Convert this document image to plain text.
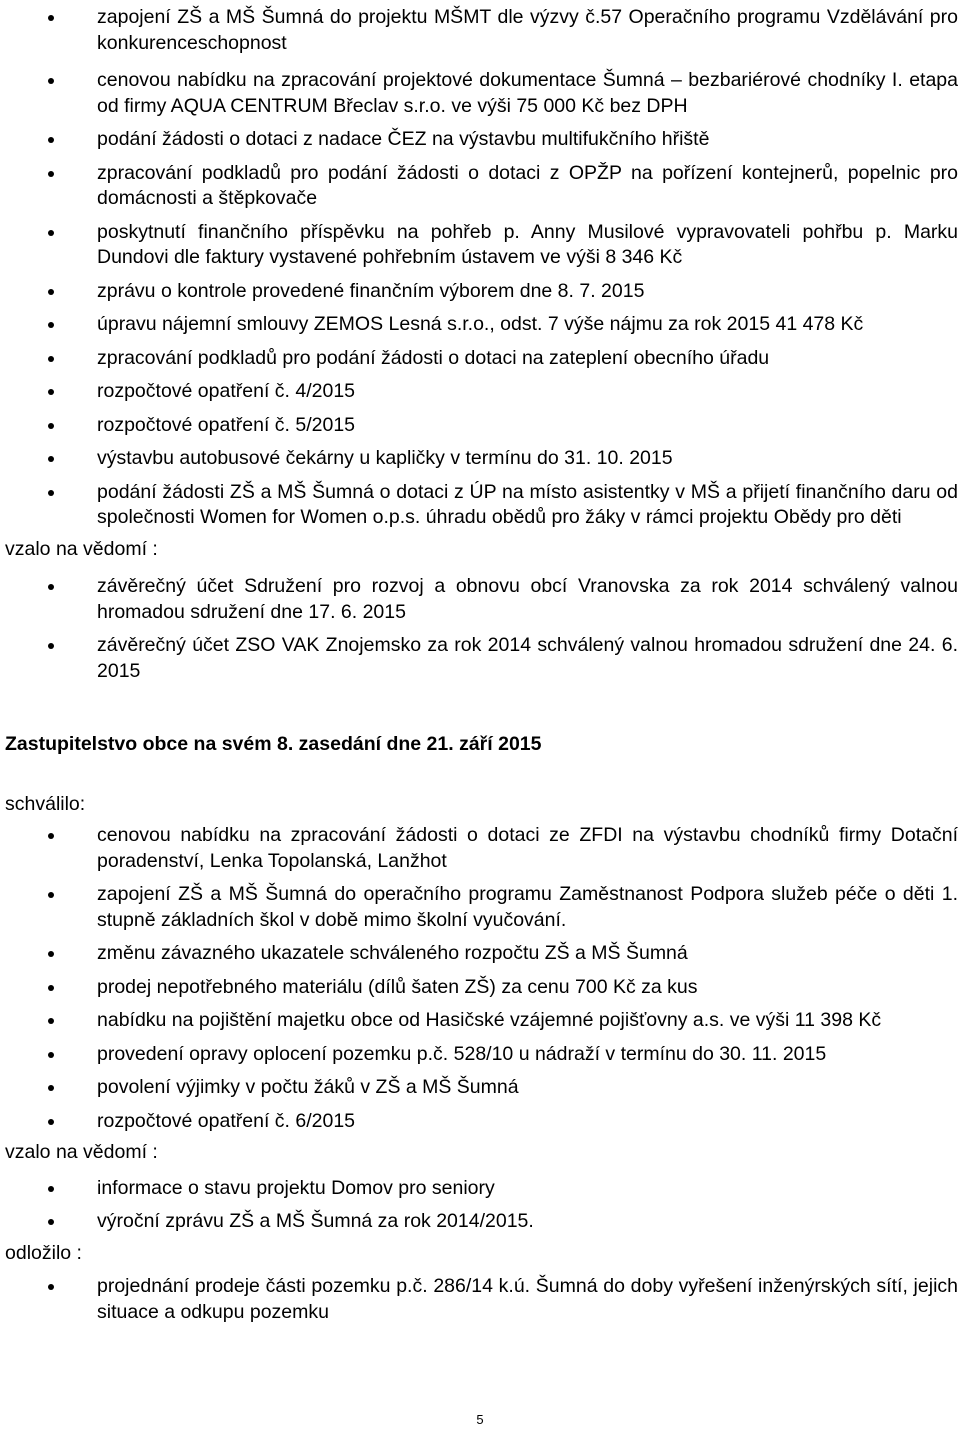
zapojení ZŠ a MŠ Šumná do projektu MŠMT dle výzvy č.57 Operačního programu Vzdělávání pro konkurenceschopnost
cenovou nabídku na zpracování projektové dokumentace Šumná – bezbariérové chodníky I. etapa od firmy AQUA CENTRUM Břeclav s.r.o. ve výši 75 000 Kč bez DPH
podání žádosti o dotaci z nadace ČEZ na výstavbu multifukčního hřiště
zpracování podkladů pro podání žádosti o dotaci z OPŽP na pořízení kontejnerů, popelnic pro domácnosti a štěpkovače
poskytnutí finančního příspěvku na pohřeb p. Anny Musilové vypravovateli pohřbu p. Marku Dundovi dle faktury vystavené pohřebním ústavem ve výši 8 346 Kč
zprávu o kontrole provedené finančním výborem dne 8. 7. 2015
úpravu nájemní smlouvy ZEMOS Lesná s.r.o., odst. 7 výše nájmu za rok 2015 41 478 Kč
zpracování podkladů pro podání žádosti o dotaci na zateplení obecního úřadu
rozpočtové opatření č. 4/2015
rozpočtové opatření č. 5/2015
výstavbu autobusové čekárny u kapličky v termínu do 31. 10. 2015
podání žádosti ZŠ a MŠ Šumná o dotaci z ÚP na místo asistentky v MŠ a přijetí finančního daru od společnosti Women for Women o.p.s. úhradu obědů pro žáky v rámci projektu Obědy pro děti

vzalo na vědomí :

závěrečný účet Sdružení pro rozvoj a obnovu obcí Vranovska za rok 2014 schválený valnou hromadou sdružení dne 17. 6. 2015
závěrečný účet ZSO VAK Znojemsko za rok 2014 schválený valnou hromadou sdružení dne 24. 6. 2015

Zastupitelstvo obce na svém 8. zasedání dne 21. září 2015

schválilo:

cenovou nabídku na zpracování žádosti o dotaci ze ZFDI na výstavbu chodníků firmy Dotační poradenství, Lenka Topolanská, Lanžhot
zapojení ZŠ a MŠ Šumná do operačního programu Zaměstnanost Podpora služeb péče o děti 1. stupně základních škol v době mimo školní vyučování.
změnu závazného ukazatele schváleného rozpočtu ZŠ a MŠ Šumná
prodej nepotřebného materiálu (dílů šaten ZŠ) za cenu 700 Kč za kus
nabídku na pojištění majetku obce od Hasičské vzájemné pojišťovny a.s. ve výši 11 398 Kč
provedení opravy oplocení pozemku p.č. 528/10 u nádraží v termínu do 30. 11. 2015
povolení výjimky v počtu žáků v ZŠ a MŠ Šumná
rozpočtové opatření č. 6/2015

vzalo na vědomí :

informace o stavu projektu Domov pro seniory
výroční zprávu ZŠ a MŠ Šumná za rok 2014/2015.

odložilo :

projednání prodeje části pozemku p.č. 286/14 k.ú. Šumná do doby vyřešení inženýrských sítí, jejich situace a odkupu pozemku
5
